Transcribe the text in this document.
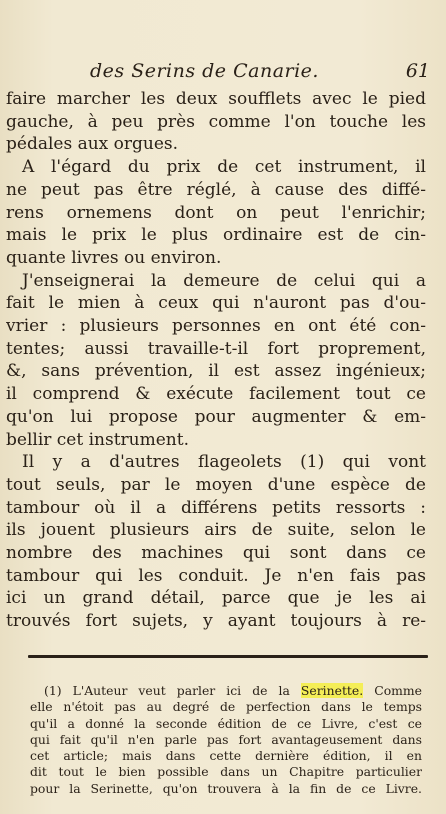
des Serins de Canarie.	61
faire marcher les deux soufflets avec le pied
gauche, à peu près comme l'on touche les
pédales aux orgues.
A l'égard du prix de cet instrument, il
ne peut pas être réglé, à cause des diffé-
rens ornemens dont on peut l'enrichir;
mais le prix le plus ordinaire est de cin-
quante livres ou environ.
J'enseignerai la demeure de celui qui a
fait le mien à ceux qui n'auront pas d'ou-
vrier : plusieurs personnes en ont été con-
tentes; aussi travaille-t-il fort proprement,
&, sans prévention, il est assez ingénieux;
il comprend & exécute facilement tout ce
qu'on lui propose pour augmenter & em-
bellir cet instrument.
Il y a d'autres flageolets (1) qui vont
tout seuls, par le moyen d'une espèce de
tambour où il a différens petits ressorts :
ils jouent plusieurs airs de suite, selon le
nombre des machines qui sont dans ce
tambour qui les conduit. Je n'en fais pas
ici un grand détail, parce que je les ai
trouvés fort sujets, y ayant toujours à re-
(1) L'Auteur veut parler ici de la Serinette. Comme
elle n'étoit pas au degré de perfection dans le temps
qu'il a donné la seconde édition de ce Livre, c'est ce
qui fait qu'il n'en parle pas fort avantageusement dans
cet article; mais dans cette dernière édition, il en
dit tout le bien possible dans un Chapitre particulier
pour la Serinette, qu'on trouvera à la fin de ce Livre.
